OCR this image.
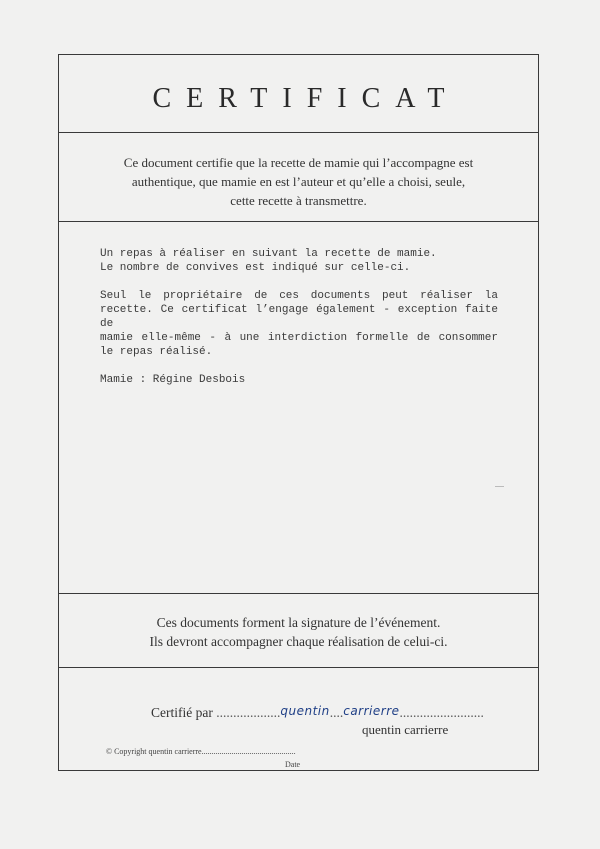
CERTIFICAT
Ce document certifie que la recette de mamie qui l’accompagne est
authentique, que mamie en est l’auteur et qu’elle a choisi, seule,
cette recette à transmettre.

Un repas à réaliser en suivant la recette de mamie.
Le nombre de convives est indiqué sur celle-ci.

Seul le propriétaire de ces documents peut réaliser la
recette. Ce certificat l’engage également - exception faite de
mamie elle-même - à une interdiction formelle de consommer
le repas réalisé.

Mamie : Régine Desbois

Ces documents forment la signature de l’événement.
Ils devront accompagner chaque réalisation de celui-ci.
Certifié par ...................quentin....carrierre.........................
quentin carrierre
© Copyright quentin carrierre...............................................
Date
